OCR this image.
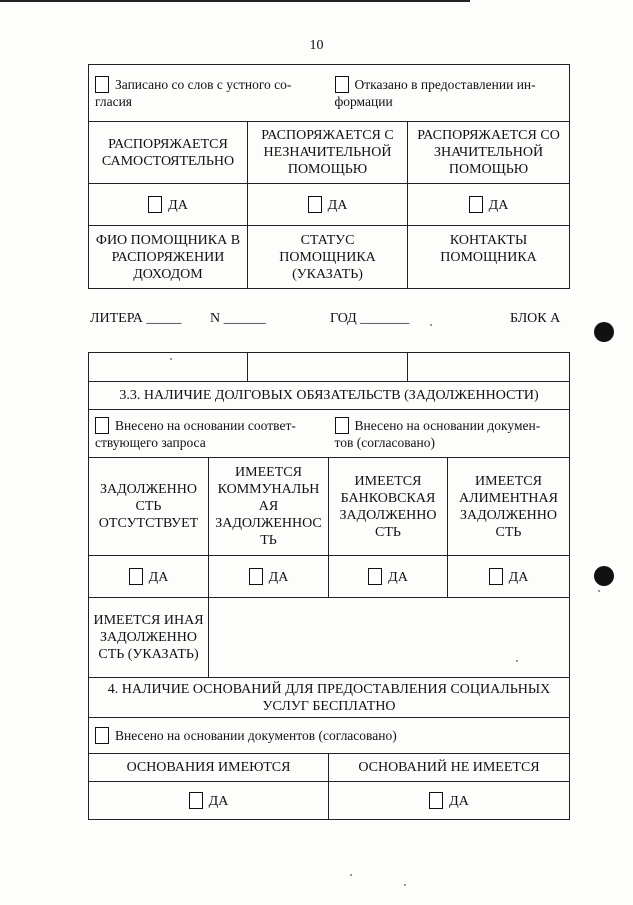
10
Записано со слов с устного со-
гласия
Отказано в предоставлении ин-
формации		

РАСПОРЯЖАЕТСЯ САМОСТОЯТЕЛЬНО	РАСПОРЯЖАЕТСЯ С НЕЗНАЧИТЕЛЬНОЙ ПОМОЩЬЮ	РАСПОРЯЖАЕТСЯ СО ЗНАЧИТЕЛЬНОЙ ПОМОЩЬЮ
ДА	ДА	ДА
ФИО ПОМОЩНИКА В РАСПОРЯЖЕНИИ ДОХОДОМ	СТАТУС ПОМОЩНИКА (УКАЗАТЬ)	КОНТАКТЫ ПОМОЩНИКА
ЛИТЕРА _____ N ______	ГОД _______	БЛОК А

3.3. НАЛИЧИЕ ДОЛГОВЫХ ОБЯЗАТЕЛЬСТВ (ЗАДОЛЖЕННОСТИ)			

Внесено на основании соответ-
ствующего запроса
Внесено на основании докумен-
тов (согласовано)			

ЗАДОЛЖЕННО СТЬ ОТСУТСТВУЕТ	ИМЕЕТСЯ КОММУНАЛЬН АЯ ЗАДОЛЖЕННОС ТЬ	ИМЕЕТСЯ БАНКОВСКАЯ ЗАДОЛЖЕННО СТЬ	ИМЕЕТСЯ АЛИМЕНТНАЯ ЗАДОЛЖЕННО СТЬ
ДА	ДА	ДА	ДА
ИМЕЕТСЯ ИНАЯ ЗАДОЛЖЕННО СТЬ (УКАЗАТЬ)			
4. НАЛИЧИЕ ОСНОВАНИЙ ДЛЯ ПРЕДОСТАВЛЕНИЯ СОЦИАЛЬНЫХ УСЛУГ БЕСПЛАТНО			
Внесено на основании документов (согласовано)			
ОСНОВАНИЯ ИМЕЮТСЯ		ОСНОВАНИЙ НЕ ИМЕЕТСЯ	
ДА		ДА	
